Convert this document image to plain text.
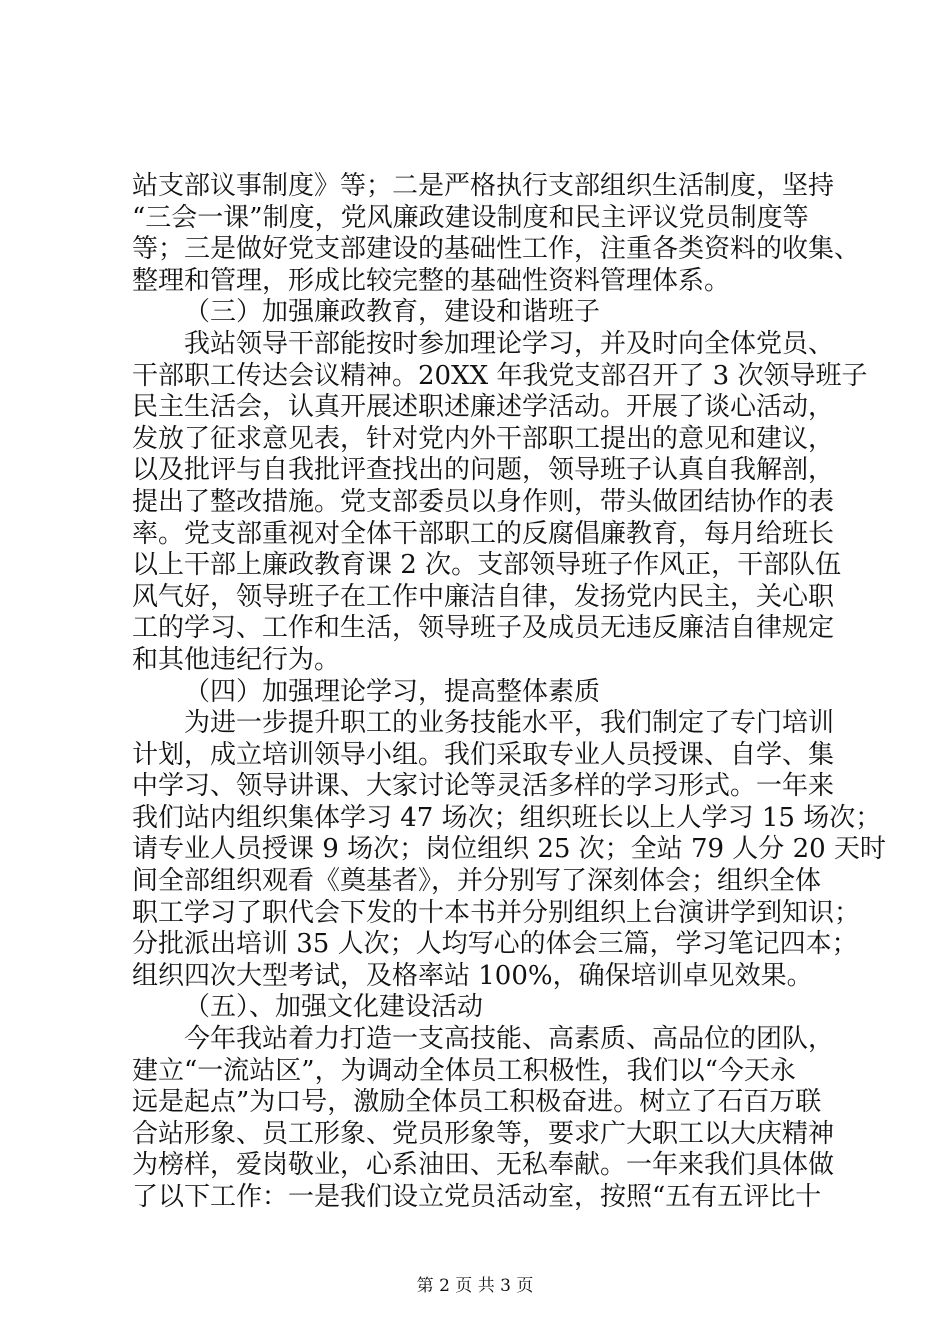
站支部议事制度》等；二是严格执行支部组织生活制度，坚持
“三会一课”制度，党风廉政建设制度和民主评议党员制度等
等；三是做好党支部建设的基础性工作，注重各类资料的收集、
整理和管理，形成比较完整的基础性资料管理体系。
（三）加强廉政教育，建设和谐班子
我站领导干部能按时参加理论学习，并及时向全体党员、
干部职工传达会议精神。20XX 年我党支部召开了 3 次领导班子
民主生活会，认真开展述职述廉述学活动。开展了谈心活动，
发放了征求意见表，针对党内外干部职工提出的意见和建议，
以及批评与自我批评查找出的问题，领导班子认真自我解剖，
提出了整改措施。党支部委员以身作则，带头做团结协作的表
率。党支部重视对全体干部职工的反腐倡廉教育，每月给班长
以上干部上廉政教育课 2 次。支部领导班子作风正，干部队伍
风气好，领导班子在工作中廉洁自律，发扬党内民主，关心职
工的学习、工作和生活，领导班子及成员无违反廉洁自律规定
和其他违纪行为。
（四）加强理论学习，提高整体素质
为进一步提升职工的业务技能水平，我们制定了专门培训
计划，成立培训领导小组。我们采取专业人员授课、自学、集
中学习、领导讲课、大家讨论等灵活多样的学习形式。一年来
我们站内组织集体学习 47 场次；组织班长以上人学习 15 场次；
请专业人员授课 9 场次；岗位组织 25 次；全站 79 人分 20 天时
间全部组织观看《奠基者》，并分别写了深刻体会；组织全体
职工学习了职代会下发的十本书并分别组织上台演讲学到知识；
分批派出培训 35 人次；人均写心的体会三篇，学习笔记四本；
组织四次大型考试，及格率站 100%，确保培训卓见效果。
（五）、加强文化建设活动
今年我站着力打造一支高技能、高素质、高品位的团队，
建立“一流站区”，为调动全体员工积极性，我们以“今天永
远是起点”为口号，激励全体员工积极奋进。树立了石百万联
合站形象、员工形象、党员形象等，要求广大职工以大庆精神
为榜样，爱岗敬业，心系油田、无私奉献。一年来我们具体做
了以下工作：一是我们设立党员活动室，按照“五有五评比十
第 2 页 共 3 页
